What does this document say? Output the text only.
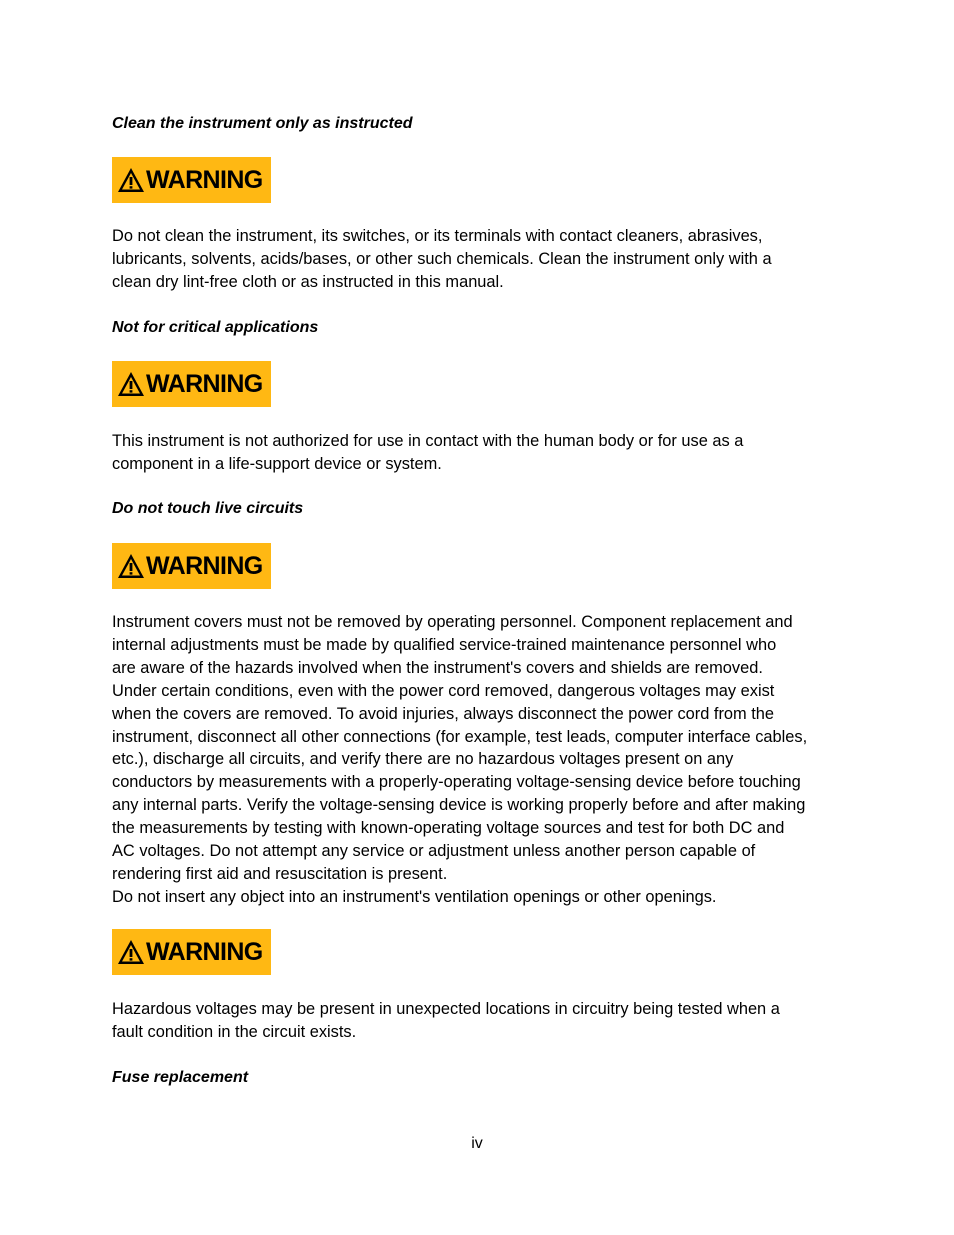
Clean the instrument only as instructed

WARNING

Do not clean the instrument, its switches, or its terminals with contact cleaners, abrasives,
lubricants, solvents, acids/bases, or other such chemicals. Clean the instrument only with a
clean dry lint-free cloth or as instructed in this manual.

Not for critical applications

WARNING

This instrument is not authorized for use in contact with the human body or for use as a
component in a life-support device or system.

Do not touch live circuits

WARNING

Instrument covers must not be removed by operating personnel. Component replacement and
internal adjustments must be made by qualified service-trained maintenance personnel who
are aware of the hazards involved when the instrument's covers and shields are removed.
Under certain conditions, even with the power cord removed, dangerous voltages may exist
when the covers are removed. To avoid injuries, always disconnect the power cord from the
instrument, disconnect all other connections (for example, test leads, computer interface cables,
etc.), discharge all circuits, and verify there are no hazardous voltages present on any
conductors by measurements with a properly-operating voltage-sensing device before touching
any internal parts. Verify the voltage-sensing device is working properly before and after making
the measurements by testing with known-operating voltage sources and test for both DC and
AC voltages. Do not attempt any service or adjustment unless another person capable of
rendering first aid and resuscitation is present.
Do not insert any object into an instrument's ventilation openings or other openings.

WARNING

Hazardous voltages may be present in unexpected locations in circuitry being tested when a
fault condition in the circuit exists.

Fuse replacement

iv
